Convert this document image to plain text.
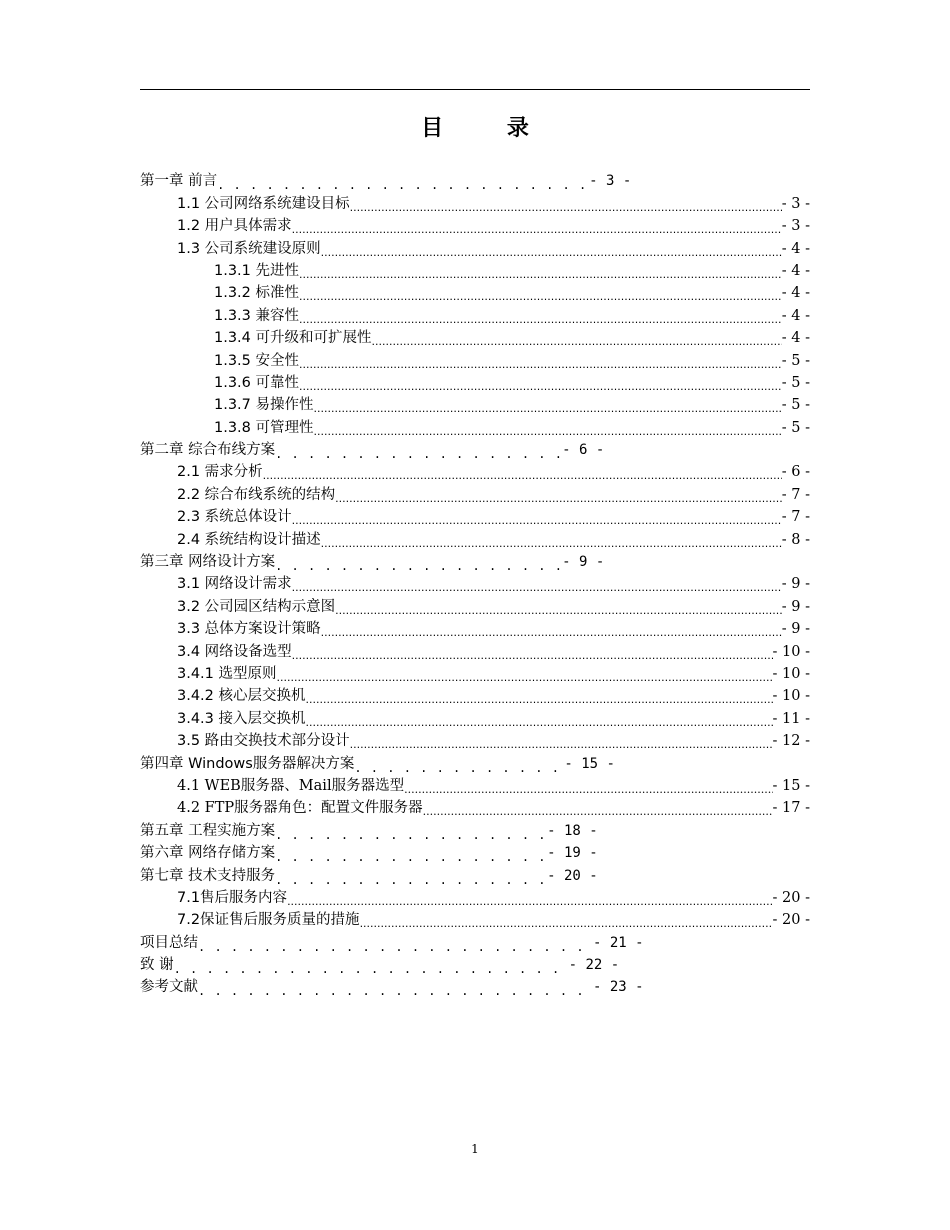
目 录
第一章 前言 . . .	- 3 -
1.1 公司网络系统建设目标 .....	- 3 -
1.2 用户具体需求 .....	- 3 -
1.3 公司系统建设原则 .....	- 4 -
1.3.1 先进性 .....	- 4 -
1.3.2 标准性 .....	- 4 -
1.3.3 兼容性 .....	- 4 -
1.3.4 可升级和可扩展性 .....	- 4 -
1.3.5 安全性 .....	- 5 -
1.3.6 可靠性 .....	- 5 -
1.3.7 易操作性 .....	- 5 -
1.3.8 可管理性 .....	- 5 -
第二章 综合布线方案 . . .	- 6 -
2.1 需求分析 .....	- 6 -
2.2 综合布线系统的结构 .....	- 7 -
2.3 系统总体设计 .....	- 7 -
2.4 系统结构设计描述 .....	- 8 -
第三章 网络设计方案 . . .	- 9 -
3.1 网络设计需求 .....	- 9 -
3.2 公司园区结构示意图 .....	- 9 -
3.3 总体方案设计策略 .....	- 9 -
3.4 网络设备选型 .....	- 10 -
3.4.1 选型原则 .....	- 10 -
3.4.2 核心层交换机 .....	- 10 -
3.4.3 接入层交换机 .....	- 11 -
3.5 路由交换技术部分设计 .....	- 12 -
第四章 Windows服务器解决方案 . . .	- 15 -
4.1 WEB服务器、Mail服务器选型 .....	- 15 -
4.2 FTP服务器角色：配置文件服务器 .....	- 17 -
第五章 工程实施方案 . . .	- 18 -
第六章 网络存储方案 . . .	- 19 -
第七章 技术支持服务 . . .	- 20 -
7.1售后服务内容 .....	- 20 -
7.2保证售后服务质量的措施 .....	- 20 -
项目总结 . . .	- 21 -
致 谢 . . .	- 22 -
参考文献 . . .	- 23 -
1
